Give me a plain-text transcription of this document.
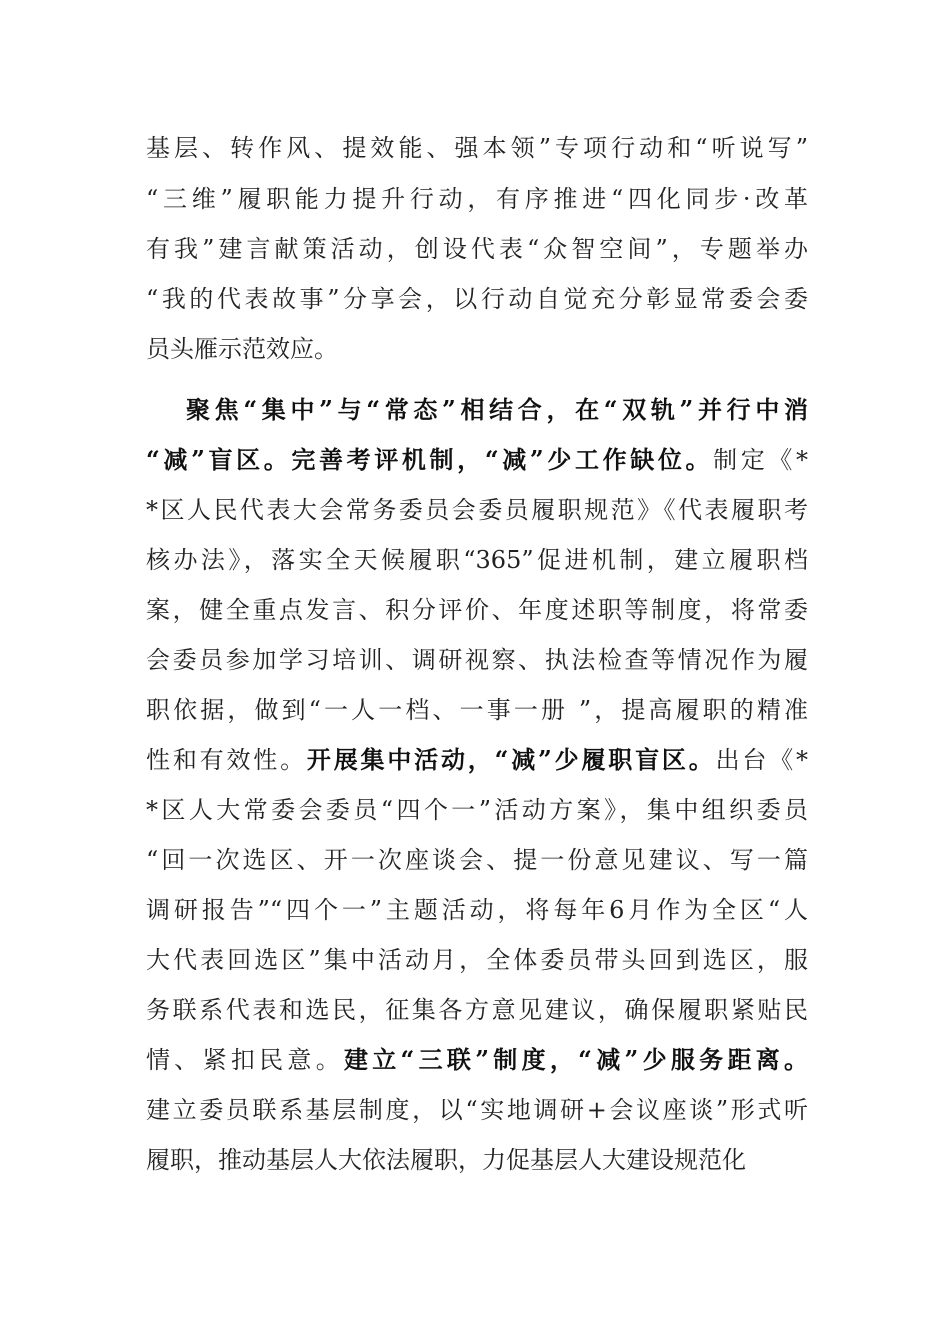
基层、转作风、提效能、强本领”专项行动和“听说写”
“三维”履职能力提升行动，有序推进“四化同步·改革
有我”建言献策活动，创设代表“众智空间”，专题举办
“我的代表故事”分享会，以行动自觉充分彰显常委会委
员头雁示范效应。
聚焦“集中”与“常态”相结合，在“双轨”并行中消
“减”盲区。完善考评机制，“减”少工作缺位。制定《*
*区人民代表大会常务委员会委员履职规范》《代表履职考
核办法》，落实全天候履职“365”促进机制，建立履职档
案，健全重点发言、积分评价、年度述职等制度，将常委
会委员参加学习培训、调研视察、执法检查等情况作为履
职依据，做到“一人一档、一事一册 ”，提高履职的精准
性和有效性。开展集中活动，“减”少履职盲区。出台《*
*区人大常委会委员“四个一”活动方案》，集中组织委员
“回一次选区、开一次座谈会、提一份意见建议、写一篇
调研报告”“四个一”主题活动，将每年6月作为全区“人
大代表回选区”集中活动月，全体委员带头回到选区，服
务联系代表和选民，征集各方意见建议，确保履职紧贴民
情、紧扣民意。建立“三联”制度，“减”少服务距离。
建立委员联系基层制度，以“实地调研+会议座谈”形式听
履职，推动基层人大依法履职，力促基层人大建设规范化
